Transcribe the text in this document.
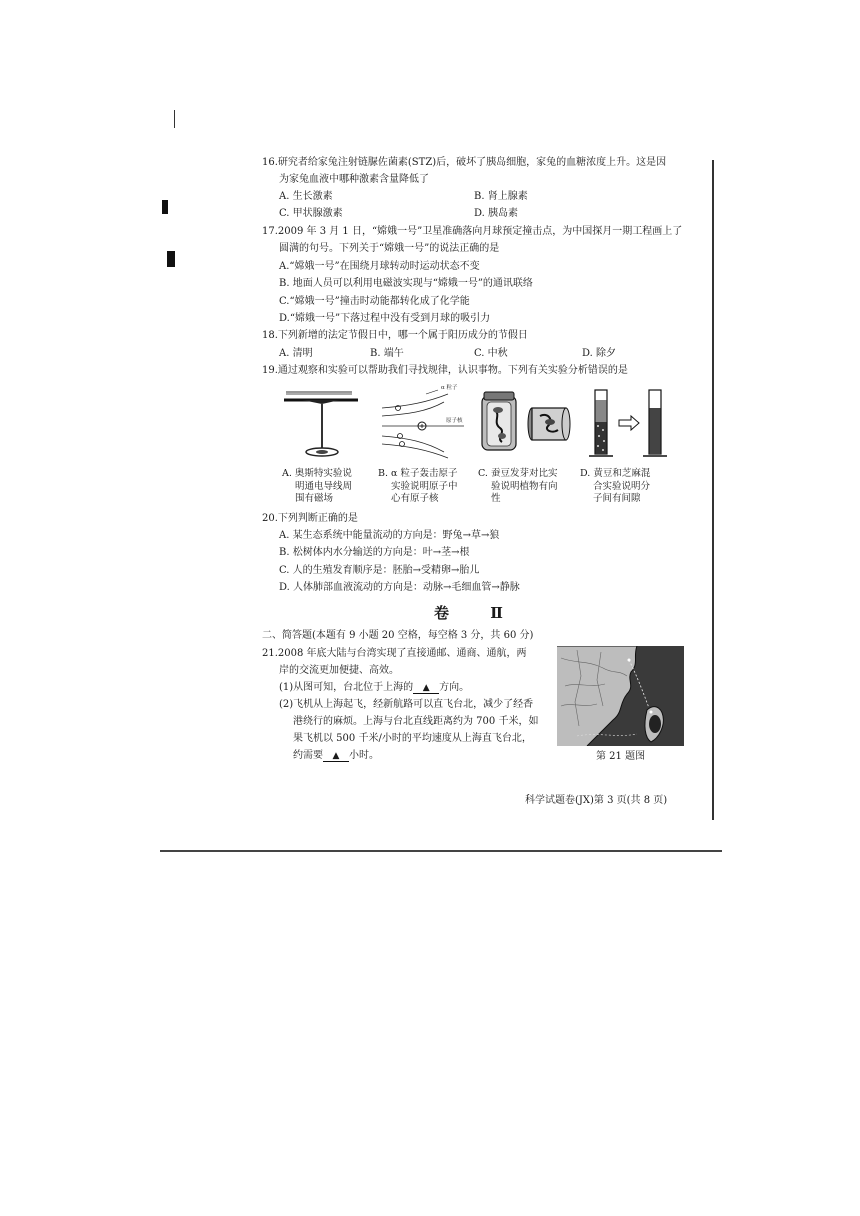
16.研究者给家兔注射链脲佐菌素(STZ)后，破坏了胰岛细胞，家兔的血糖浓度上升。这是因
为家兔血液中哪种激素含量降低了
A. 生长激素	B. 肾上腺素
C. 甲状腺激素	D. 胰岛素
17.2009 年 3 月 1 日，“嫦娥一号”卫星准确落向月球预定撞击点，为中国探月一期工程画上了
圆满的句号。下列关于“嫦娥一号”的说法正确的是
A.“嫦娥一号”在围绕月球转动时运动状态不变
B. 地面人员可以利用电磁波实现与“嫦娥一号”的通讯联络
C.“嫦娥一号”撞击时动能都转化成了化学能
D.“嫦娥一号”下落过程中没有受到月球的吸引力
18.下列新增的法定节假日中，哪一个属于阳历成分的节假日
A. 清明	B. 端午	C. 中秋	D. 除夕
19.通过观察和实验可以帮助我们寻找规律，认识事物。下列有关实验分析错误的是
α 粒子
原子核
A. 奥斯特实验说
明通电导线周
围有磁场
B. α 粒子轰击原子
实验说明原子中
心有原子核
C. 蚕豆发芽对比实
验说明植物有向
性
D. 黄豆和芝麻混
合实验说明分
子间有间隙
20.下列判断正确的是
A. 某生态系统中能量流动的方向是：野兔→草→狼
B. 松树体内水分输送的方向是：叶→茎→根
C. 人的生殖发育顺序是：胚胎→受精卵→胎儿
D. 人体肺部血液流动的方向是：动脉→毛细血管→静脉
卷 Ⅱ
二、简答题(本题有 9 小题 20 空格，每空格 3 分，共 60 分)
21.2008 年底大陆与台湾实现了直接通邮、通商、通航，两
岸的交流更加便捷、高效。
(1)从图可知，台北位于上海的 ▲ 方向。
(2)飞机从上海起飞，经新航路可以直飞台北，减少了经香
港绕行的麻烦。上海与台北直线距离约为 700 千米，如
果飞机以 500 千米/小时的平均速度从上海直飞台北，
约需要 ▲ 小时。	第 21 题图
科学试题卷(JX)第 3 页(共 8 页)
